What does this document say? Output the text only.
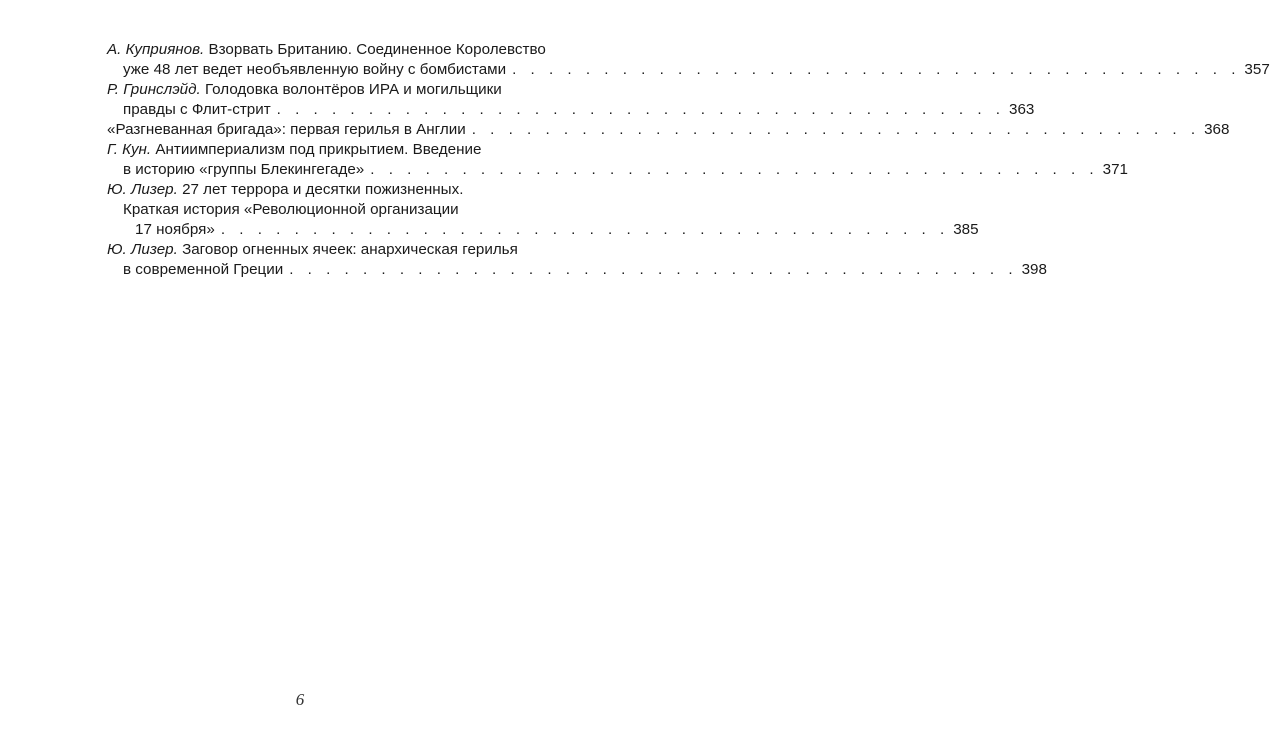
А. Куприянов. Взорвать Британию. Соединенное Королевство
уже 48 лет ведет необъявленную войну с бомбистами . . . . . . . . . . . . . . . . . . . . . . . . . . . . . . . . . . . . . . . . 357
Р. Гринслэйд. Голодовка волонтёров ИРА и могильщики
правды с Флит-стрит . . . . . . . . . . . . . . . . . . . . . . . . . . . . . . . . . . . . . . . . 363
«Разгневанная бригада»: первая герилья в Англии . . . . . . . . . . . . . . . . . . . . . . . . . . . . . . . . . . . . . . . . 368
Г. Кун. Антиимпериализм под прикрытием. Введение
в историю «группы Блекингегаде» . . . . . . . . . . . . . . . . . . . . . . . . . . . . . . . . . . . . . . . . 371
Ю. Лизер. 27 лет террора и десятки пожизненных.
Краткая история «Революционной организации
17 ноября» . . . . . . . . . . . . . . . . . . . . . . . . . . . . . . . . . . . . . . . . 385
Ю. Лизер. Заговор огненных ячеек: анархическая герилья
в современной Греции . . . . . . . . . . . . . . . . . . . . . . . . . . . . . . . . . . . . . . . . 398
6
